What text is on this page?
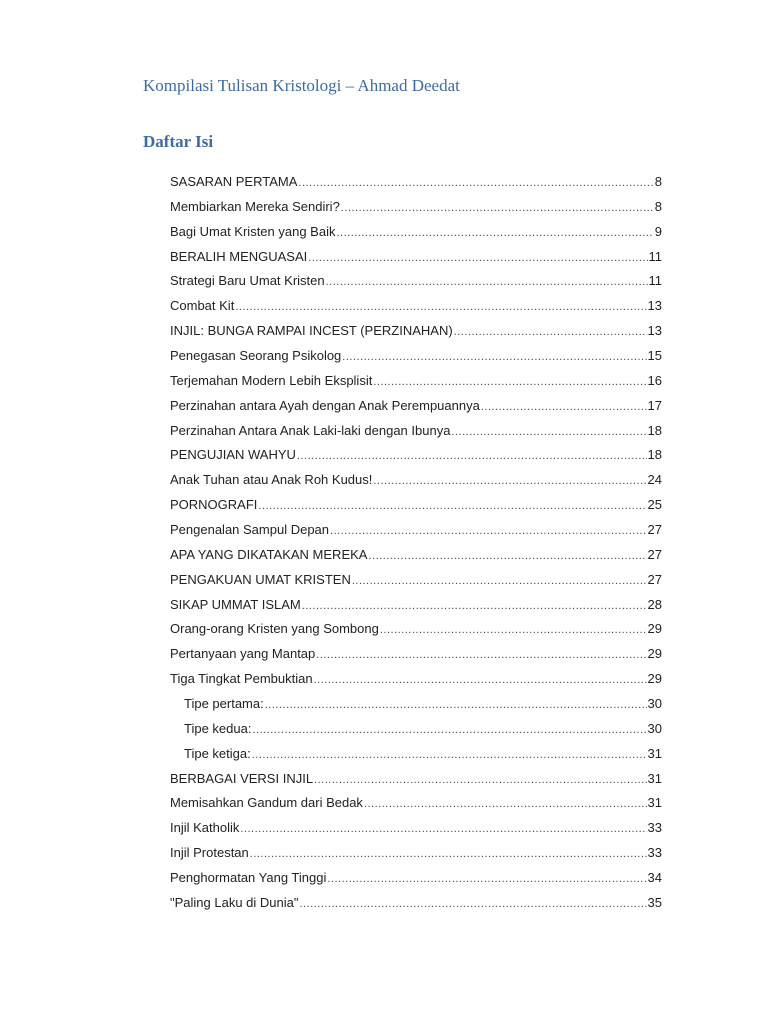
Kompilasi Tulisan Kristologi – Ahmad Deedat
Daftar Isi
SASARAN PERTAMA .....	8
Membiarkan Mereka Sendiri? .....	8
Bagi Umat Kristen yang Baik .....	9
BERALIH MENGUASAI .....	11
Strategi Baru Umat Kristen .....	11
Combat Kit .....	13
INJIL: BUNGA RAMPAI INCEST (PERZINAHAN) .....	13
Penegasan Seorang Psikolog .....	15
Terjemahan Modern Lebih Eksplisit .....	16
Perzinahan antara Ayah dengan Anak Perempuannya .....	17
Perzinahan Antara Anak Laki-laki dengan Ibunya .....	18
PENGUJIAN WAHYU .....	18
Anak Tuhan atau Anak Roh Kudus! .....	24
PORNOGRAFI .....	25
Pengenalan Sampul Depan .....	27
APA YANG DIKATAKAN MEREKA .....	27
PENGAKUAN UMAT KRISTEN .....	27
SIKAP UMMAT ISLAM .....	28
Orang-orang Kristen yang Sombong .....	29
Pertanyaan yang Mantap .....	29
Tiga Tingkat Pembuktian .....	29
Tipe pertama: .....	30
Tipe kedua: .....	30
Tipe ketiga: .....	31
BERBAGAI VERSI INJIL .....	31
Memisahkan Gandum dari Bedak .....	31
Injil Katholik .....	33
Injil Protestan .....	33
Penghormatan Yang Tinggi .....	34
"Paling Laku di Dunia" .....	35
